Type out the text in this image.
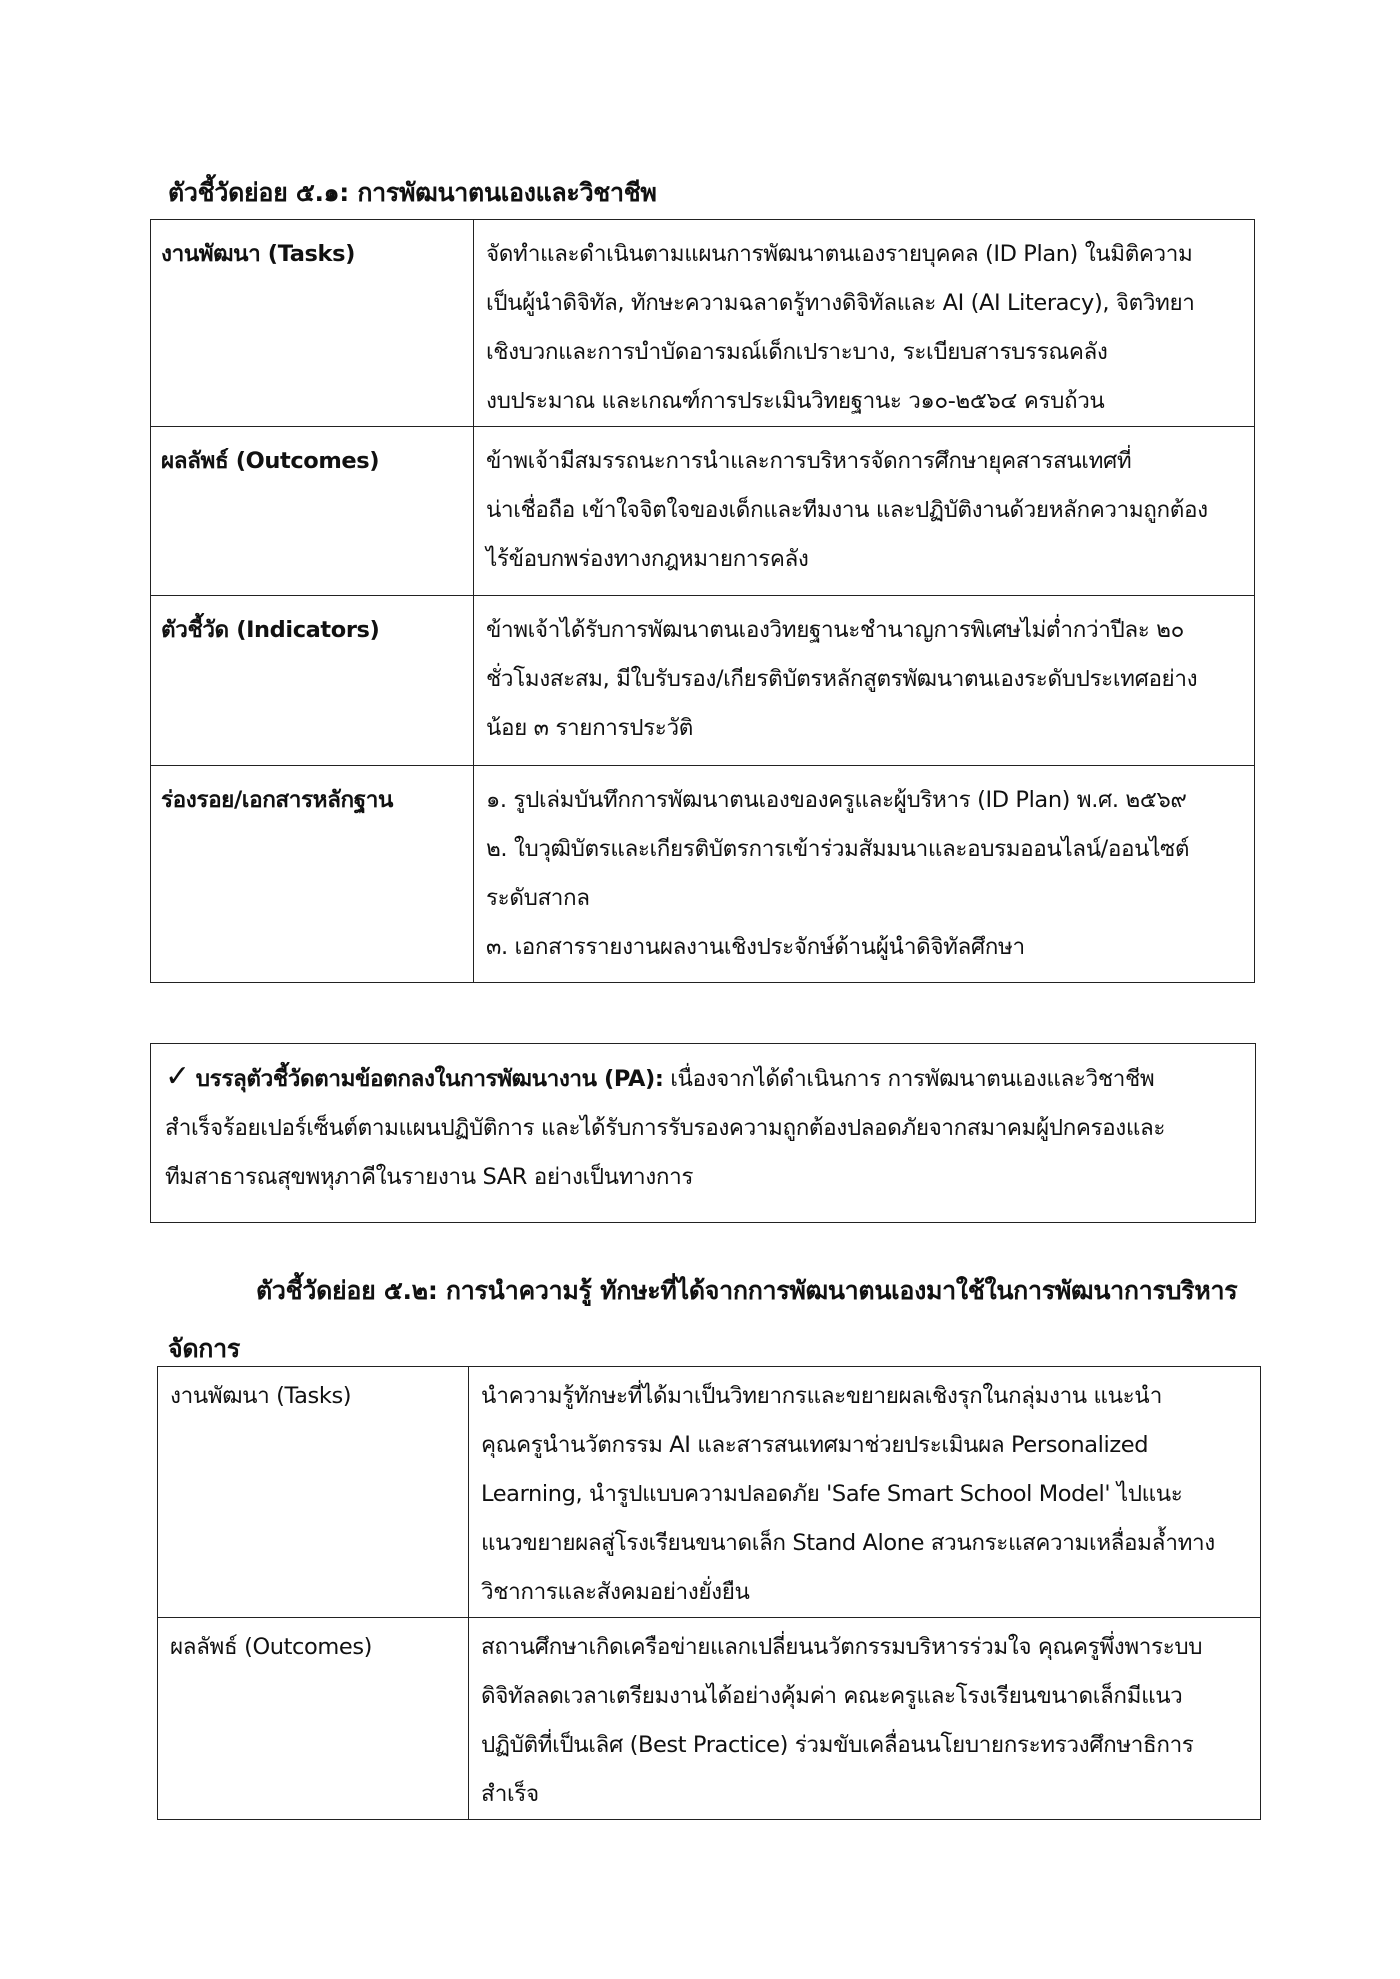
ตัวชี้วัดย่อย ๕.๑: การพัฒนาตนเองและวิชาชีพ
งานพัฒนา (Tasks)	จัดทำและดำเนินตามแผนการพัฒนาตนเองรายบุคคล (ID Plan) ในมิติความ
เป็นผู้นำดิจิทัล, ทักษะความฉลาดรู้ทางดิจิทัลและ AI (AI Literacy), จิตวิทยา
เชิงบวกและการบำบัดอารมณ์เด็กเปราะบาง, ระเบียบสารบรรณคลัง
งบประมาณ และเกณฑ์การประเมินวิทยฐานะ ว๑๐-๒๕๖๔ ครบถ้วน

ผลลัพธ์ (Outcomes)	ข้าพเจ้ามีสมรรถนะการนำและการบริหารจัดการศึกษายุคสารสนเทศที่
น่าเชื่อถือ เข้าใจจิตใจของเด็กและทีมงาน และปฏิบัติงานด้วยหลักความถูกต้อง
ไร้ข้อบกพร่องทางกฎหมายการคลัง

ตัวชี้วัด (Indicators)	ข้าพเจ้าได้รับการพัฒนาตนเองวิทยฐานะชำนาญการพิเศษไม่ต่ำกว่าปีละ ๒๐
ชั่วโมงสะสม, มีใบรับรอง/เกียรติบัตรหลักสูตรพัฒนาตนเองระดับประเทศอย่าง
น้อย ๓ รายการประวัติ

ร่องรอย/เอกสารหลักฐาน	๑. รูปเล่มบันทึกการพัฒนาตนเองของครูและผู้บริหาร (ID Plan) พ.ศ. ๒๕๖๙
๒. ใบวุฒิบัตรและเกียรติบัตรการเข้าร่วมสัมมนาและอบรมออนไลน์/ออนไซต์
ระดับสากล
๓. เอกสารรายงานผลงานเชิงประจักษ์ด้านผู้นำดิจิทัลศึกษา
✓ บรรลุตัวชี้วัดตามข้อตกลงในการพัฒนางาน (PA): เนื่องจากได้ดำเนินการ การพัฒนาตนเองและวิชาชีพ
สำเร็จร้อยเปอร์เซ็นต์ตามแผนปฏิบัติการ และได้รับการรับรองความถูกต้องปลอดภัยจากสมาคมผู้ปกครองและ
ทีมสาธารณสุขพหุภาคีในรายงาน SAR อย่างเป็นทางการ
ตัวชี้วัดย่อย ๕.๒: การนำความรู้ ทักษะที่ได้จากการพัฒนาตนเองมาใช้ในการพัฒนาการบริหาร
จัดการ
งานพัฒนา (Tasks)	นำความรู้ทักษะที่ได้มาเป็นวิทยากรและขยายผลเชิงรุกในกลุ่มงาน แนะนำ
คุณครูนำนวัตกรรม AI และสารสนเทศมาช่วยประเมินผล Personalized
Learning, นำรูปแบบความปลอดภัย 'Safe Smart School Model' ไปแนะ
แนวขยายผลสู่โรงเรียนขนาดเล็ก Stand Alone สวนกระแสความเหลื่อมล้ำทาง
วิชาการและสังคมอย่างยั่งยืน

ผลลัพธ์ (Outcomes)	สถานศึกษาเกิดเครือข่ายแลกเปลี่ยนนวัตกรรมบริหารร่วมใจ คุณครูพึ่งพาระบบ
ดิจิทัลลดเวลาเตรียมงานได้อย่างคุ้มค่า คณะครูและโรงเรียนขนาดเล็กมีแนว
ปฏิบัติที่เป็นเลิศ (Best Practice) ร่วมขับเคลื่อนนโยบายกระทรวงศึกษาธิการ
สำเร็จ
